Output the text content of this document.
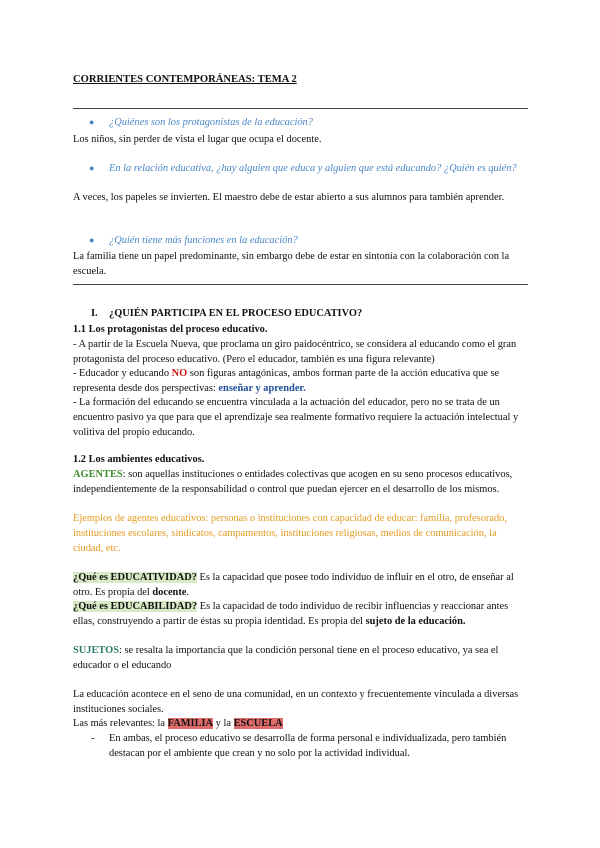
CORRIENTES CONTEMPORÁNEAS: TEMA 2
● ¿Quiénes son los protagonistas de la educación?
Los niños, sin perder de vista el lugar que ocupa el docente.
● En la relación educativa, ¿hay alguien que educa y alguien que está educando? ¿Quién es quién?
A veces, los papeles se invierten. El maestro debe de estar abierto a sus alumnos para también aprender.
● ¿Quién tiene más funciones en la educación?
La familia tiene un papel predominante, sin embargo debe de estar en sintonía con la colaboración con la escuela.
I. ¿QUIÉN PARTICIPA EN EL PROCESO EDUCATIVO?
1.1 Los protagonistas del proceso educativo.
- A partir de la Escuela Nueva, que proclama un giro paidocéntrico, se considera al educando como el gran protagonista del proceso educativo. (Pero el educador, también es una figura relevante)
- Educador y educando NO son figuras antagónicas, ambos forman parte de la acción educativa que se representa desde dos perspectivas: enseñar y aprender.
- La formación del educando se encuentra vinculada a la actuación del educador, pero no se trata de un encuentro pasivo ya que para que el aprendizaje sea realmente formativo requiere la actuación intelectual y volitiva del propio educando.
1.2 Los ambientes educativos.
AGENTES: son aquellas instituciones o entidades colectivas que acogen en su seno procesos educativos, independientemente de la responsabilidad o control que puedan ejercer en el desarrollo de los mismos.
Ejemplos de agentes educativos: personas o instituciones con capacidad de educar: familia, profesorado, instituciones escolares, sindicatos, campamentos, instituciones religiosas, medios de comunicación, la ciudad, etc.
¿Qué es EDUCATIVIDAD? Es la capacidad que posee todo individuo de influir en el otro, de enseñar al otro. Es propia del docente.
¿Qué es EDUCABILIDAD? Es la capacidad de todo individuo de recibir influencias y reaccionar antes ellas, construyendo a partir de éstas su propia identidad. Es propia del sujeto de la educación.
SUJETOS: se resalta la importancia que la condición personal tiene en el proceso educativo, ya sea el educador o el educando
La educación acontece en el seno de una comunidad, en un contexto y frecuentemente vinculada a diversas instituciones sociales.
Las más relevantes: la FAMILIA y la ESCUELA
- En ambas, el proceso educativo se desarrolla de forma personal e individualizada, pero también destacan por el ambiente que crean y no solo por la actividad individual.
